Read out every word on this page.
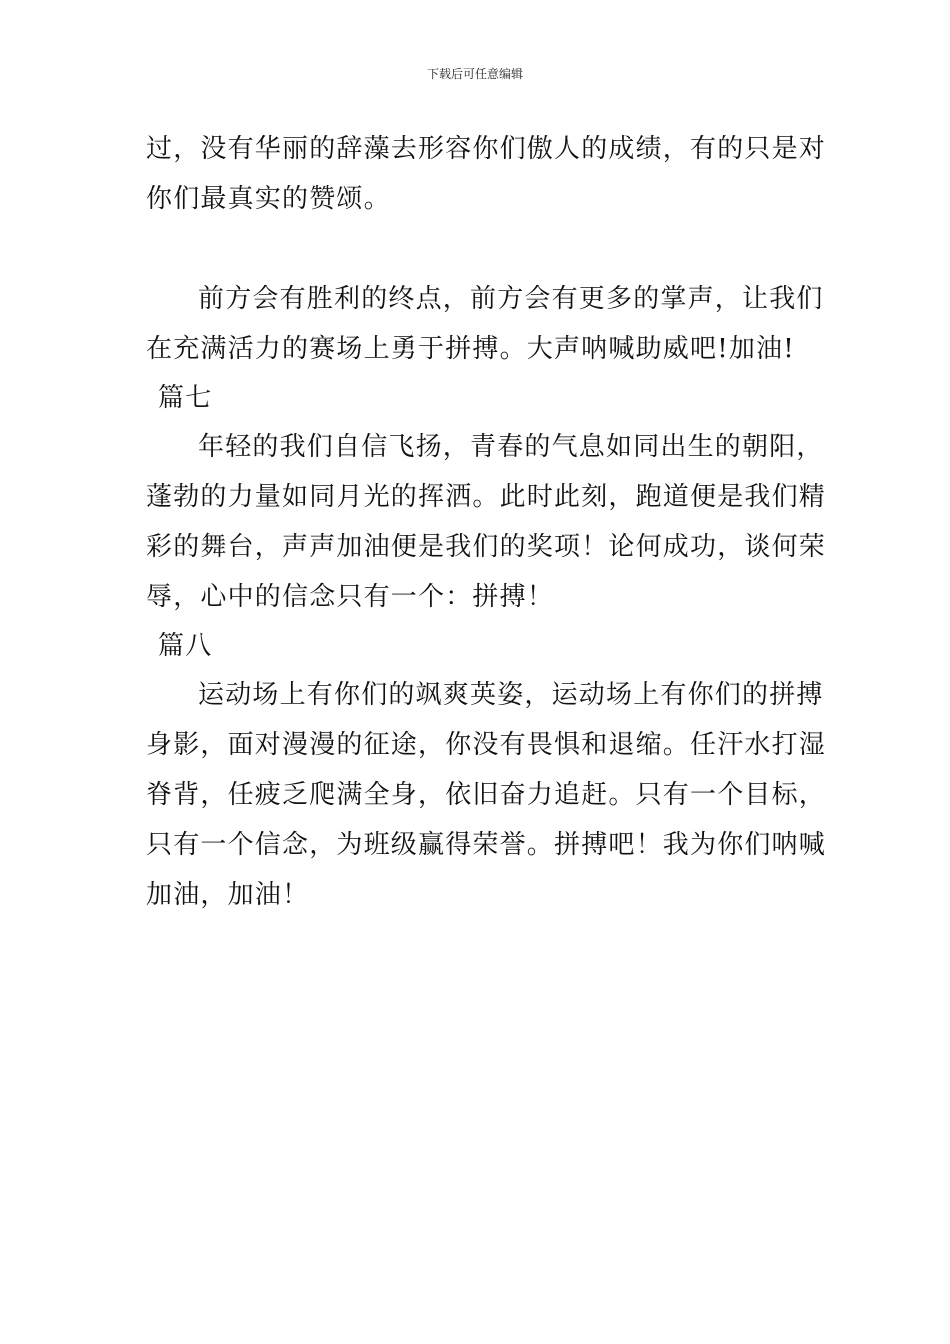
下载后可任意编辑
过，没有华丽的辞藻去形容你们傲人的成绩，有的只是对
你们最真实的赞颂。
前方会有胜利的终点，前方会有更多的掌声，让我们
在充满活力的赛场上勇于拼搏。大声呐喊助威吧!加油!
篇七
年轻的我们自信飞扬，青春的气息如同出生的朝阳，
蓬勃的力量如同月光的挥洒。此时此刻，跑道便是我们精
彩的舞台，声声加油便是我们的奖项！论何成功，谈何荣
辱，心中的信念只有一个：拼搏！
篇八
运动场上有你们的飒爽英姿，运动场上有你们的拼搏
身影，面对漫漫的征途，你没有畏惧和退缩。任汗水打湿
脊背，任疲乏爬满全身，依旧奋力追赶。只有一个目标，
只有一个信念，为班级赢得荣誉。拼搏吧！我为你们呐喊
加油，加油！
